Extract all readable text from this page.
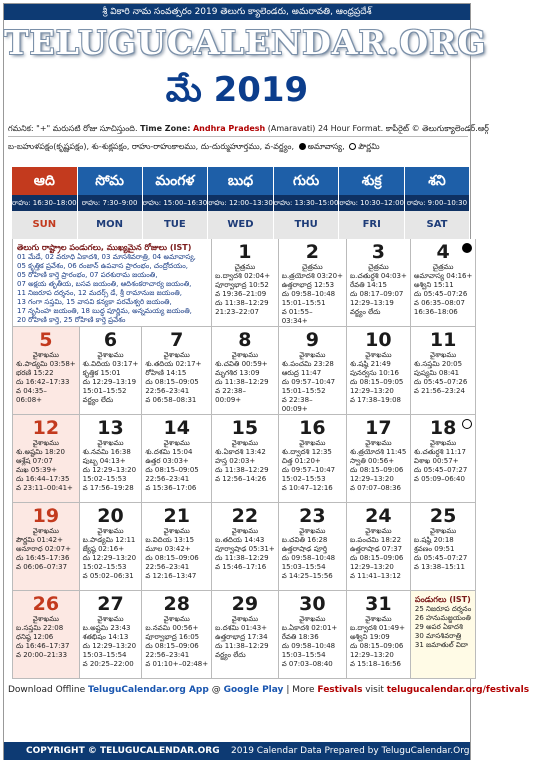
శ్రీ వికారి నామ సంవత్సరం 2019 తెలుగు క్యాలెండరు, అమరావతి, ఆంధ్రప్రదేశ్
TELUGUCALENDAR.ORG
మే 2019
గమనిక: "+" మరుసటి రోజు సూచిస్తుంది. Time Zone: Andhra Pradesh (Amaravati) 24 Hour Format. కాపీరైట్ © తెలుగుక్యాలెండర్.ఆర్గ్
బ-బహుళపక్షం(కృష్ణపక్షం), శు-శుక్లపక్షం, రాహు-రాహుకాలము, దు-దుర్ముహూర్తము, వ-వర్జ్యం, అమావాస్య, పౌర్ణమి
ఆది
రాహు: 16:30–18:00
SUN
సోమ
రాహు: 7:30–9:00
MON
మంగళ
రాహు: 15:00–16:30
TUE
బుధ
రాహు: 12:00–13:30
WED
గురు
రాహు: 13:30–15:00
THU
శుక్ర
రాహు: 10:30–12:00
FRI
శని
రాహు: 9:00–10:30
SAT
తెలుగు రాష్ట్రాల పండుగలు, ముఖ్యమైన రోజులు (IST)
01 మేడే, 02 వరూధి ఏకాదశి, 03 మాసశివరాత్రి, 04 అమావాస్య,
05 కృత్తిక ప్రవేశం, 06 రంజాన్ ఉపవాస ప్రారంభం, చంద్రోదయం,
05 రోహిణి కార్తె ప్రారంభం, 07 పరశురామ జయంతి,
07 అక్షయ తృతీయ, బసవ జయంతి, ఆదిశంకరాచార్య జయంతి,
11 నిజరూప దర్శనం, 12 మదర్స్ డే, శ్రీ రామానుజ జయంతి,
13 గంగా సప్తమి, 15 వాసవి కన్యకా పరమేశ్వరి జయంతి,
17 నృసింహ జయంతి, 18 బుద్ధ పూర్ణిమ, అన్నమయ్య జయంతి,
20 రోహిణి కార్తె, 25 రోహిణి కార్తె ప్రవేశం
1
చైత్రము
బ.ద్వాదశి 02:04+
పూర్వాభాద్ర 10:52
వ 19:36–21:09
దు 11:38–12:29
21:23–22:07
2
చైత్రము
బ.త్రయోదశి 03:20+
ఉత్తరాభాద్ర 12:53
దు 09:58–10:48
15:01–15:51
వ 01:55–
03:34+
3
చైత్రము
బ.చతుర్దశి 04:03+
రేవతి 14:15
దు 08:17–09:07
12:29–13:19
వర్జ్యం లేదు
4
చైత్రము
అమావాస్య 04:16+
అశ్విని 15:11
దు 05:45–07:26
వ 06:35–08:07
16:36–18:06
5
వైశాఖము
శు.పాడ్యమి 03:58+
భరణి 15:22
దు 16:42–17:33
వ 04:35–
06:08+
6
వైశాఖము
శు.విదియ 03:17+
కృత్తిక 15:01
దు 12:29–13:19
15:01–15:52
వర్జ్యం లేదు
7
వైశాఖము
శు.తదియ 02:17+
రోహిణి 14:15
దు 08:15–09:05
22:56–23:41
వ 06:58–08:31
8
వైశాఖము
శు.చవితి 00:59+
మృగశిర 13:09
దు 11:38–12:29
వ 22:38–
00:09+
9
వైశాఖము
శు.పంచమి 23:28
ఆరుద్ర 11:47
దు 09:57–10:47
15:01–15:52
వ 22:38–
00:09+
10
వైశాఖము
శు.షష్ఠి 21:49
పునర్వసు 10:16
దు 08:15–09:05
12:29–13:20
వ 17:38–19:08
11
వైశాఖము
శు.సప్తమి 20:05
పుష్యమి 08:41
దు 05:45–07:26
వ 21:56–23:24
12
వైశాఖము
శు.అష్టమి 18:20
ఆశ్లేష 07:07
మఖ 05:39+
దు 16:44–17:35
వ 23:11–00:41+
13
వైశాఖము
శు.నవమి 16:38
పుబ్బ 04:13+
దు 12:29–13:20
15:02–15:53
వ 17:56–19:28
14
వైశాఖము
శు.దశమి 15:04
ఉత్తర 03:03+
దు 08:15–09:05
22:56–23:41
వ 15:36–17:06
15
వైశాఖము
శు.ఏకాదశి 13:42
హస్త 02:03+
దు 11:38–12:29
వ 12:56–14:26
16
వైశాఖము
శు.ద్వాదశి 12:35
చిత్త 01:20+
దు 09:57–10:47
15:02–15:53
వ 10:47–12:16
17
వైశాఖము
శు.త్రయోదశి 11:45
స్వాతి 00:56+
దు 08:15–09:06
12:29–13:20
వ 07:07–08:36
18
వైశాఖము
శు.చతుర్దశి 11:17
విశాఖ 00:57+
దు 05:45–07:27
వ 05:09–06:40
19
వైశాఖము
పౌర్ణమి 01:42+
అనూరాధ 02:07+
దు 16:45–17:36
వ 06:06–07:37
20
వైశాఖము
బ.పాడ్యమి 12:11
జ్యేష్ఠ 02:16+
దు 12:29–13:20
15:02–15:53
వ 05:02–06:31
21
వైశాఖము
బ.విదియ 13:15
మూల 03:42+
దు 08:15–09:06
22:56–23:41
వ 12:16–13:47
22
వైశాఖము
బ.తదియ 14:43
పూర్వాషాఢ 05:31+
దు 11:38–12:29
వ 15:46–17:16
23
వైశాఖము
బ.చవితి 16:28
ఉత్తరాషాఢ పూర్తి
దు 09:58–10:48
15:03–15:54
వ 14:25–15:56
24
వైశాఖము
బ.పంచమి 18:22
ఉత్తరాషాఢ 07:37
దు 08:15–09:06
12:29–13:20
వ 11:41–13:12
25
వైశాఖము
బ.షష్ఠి 20:18
శ్రవణం 09:51
దు 05:45–07:27
వ 13:38–15:11
26
వైశాఖము
బ.సప్తమి 22:08
ధనిష్ఠ 12:06
దు 16:46–17:37
వ 20:00–21:33
27
వైశాఖము
బ.అష్టమి 23:43
శతభిషం 14:13
దు 12:29–13:20
15:03–15:54
వ 20:25–22:00
28
వైశాఖము
బ.నవమి 00:56+
పూర్వాభాద్ర 16:05
దు 08:15–09:06
22:56–23:41
వ 01:10+–02:48+
29
వైశాఖము
బ.దశమి 01:43+
ఉత్తరాభాద్ర 17:34
దు 11:38–12:29
వర్జ్యం లేదు
30
వైశాఖము
బ.ఏకాదశి 02:01+
రేవతి 18:36
దు 09:58–10:48
15:03–15:54
వ 07:03–08:40
31
వైశాఖము
బ.ద్వాదశి 01:49+
అశ్విని 19:09
దు 08:15–09:06
12:29–13:20
వ 15:18–16:56
పండుగలు (IST)
25 నిజరూప దర్శనం
26 హనుమజ్జయంతి
29 అపర ఏకాదశి
30 మాసశివరాత్రి
31 జమాతుల్ విదా
Download Offline TeluguCalendar.org App @ Google Play | More Festivals visit telugucalendar.org/festivals
COPYRIGHT © TELUGUCALENDAR.ORG 2019 Calendar Data Prepared by TeluguCalendar.Org Astrology Team
